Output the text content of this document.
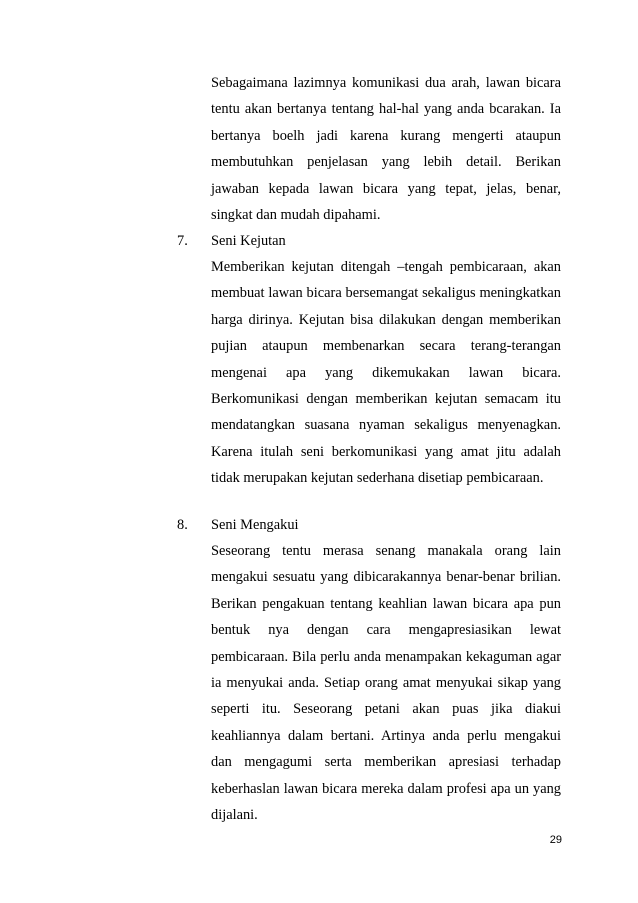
Sebagaimana lazimnya komunikasi dua arah, lawan bicara tentu akan bertanya tentang hal-hal yang anda bcarakan. Ia bertanya boelh jadi karena kurang mengerti ataupun membutuhkan penjelasan yang lebih detail. Berikan jawaban kepada lawan bicara yang tepat, jelas, benar, singkat dan mudah dipahami.

7. Seni Kejutan

Memberikan kejutan ditengah –tengah pembicaraan, akan membuat lawan bicara bersemangat sekaligus meningkatkan harga dirinya. Kejutan bisa dilakukan dengan memberikan pujian ataupun membenarkan secara terang-terangan mengenai apa yang dikemukakan lawan bicara. Berkomunikasi dengan memberikan kejutan semacam itu mendatangkan suasana nyaman sekaligus menyenagkan. Karena itulah seni berkomunikasi yang amat jitu adalah tidak merupakan kejutan sederhana disetiap pembicaraan.

8. Seni Mengakui

Seseorang tentu merasa senang manakala orang lain mengakui sesuatu yang dibicarakannya benar-benar brilian. Berikan pengakuan tentang keahlian lawan bicara apa pun bentuk nya dengan cara mengapresiasikan lewat pembicaraan. Bila perlu anda menampakan kekaguman agar ia menyukai anda. Setiap orang amat menyukai sikap yang seperti itu. Seseorang petani akan puas jika diakui keahliannya dalam bertani. Artinya anda perlu mengakui dan mengagumi serta memberikan apresiasi terhadap keberhaslan lawan bicara mereka dalam profesi apa un yang dijalani.

29
